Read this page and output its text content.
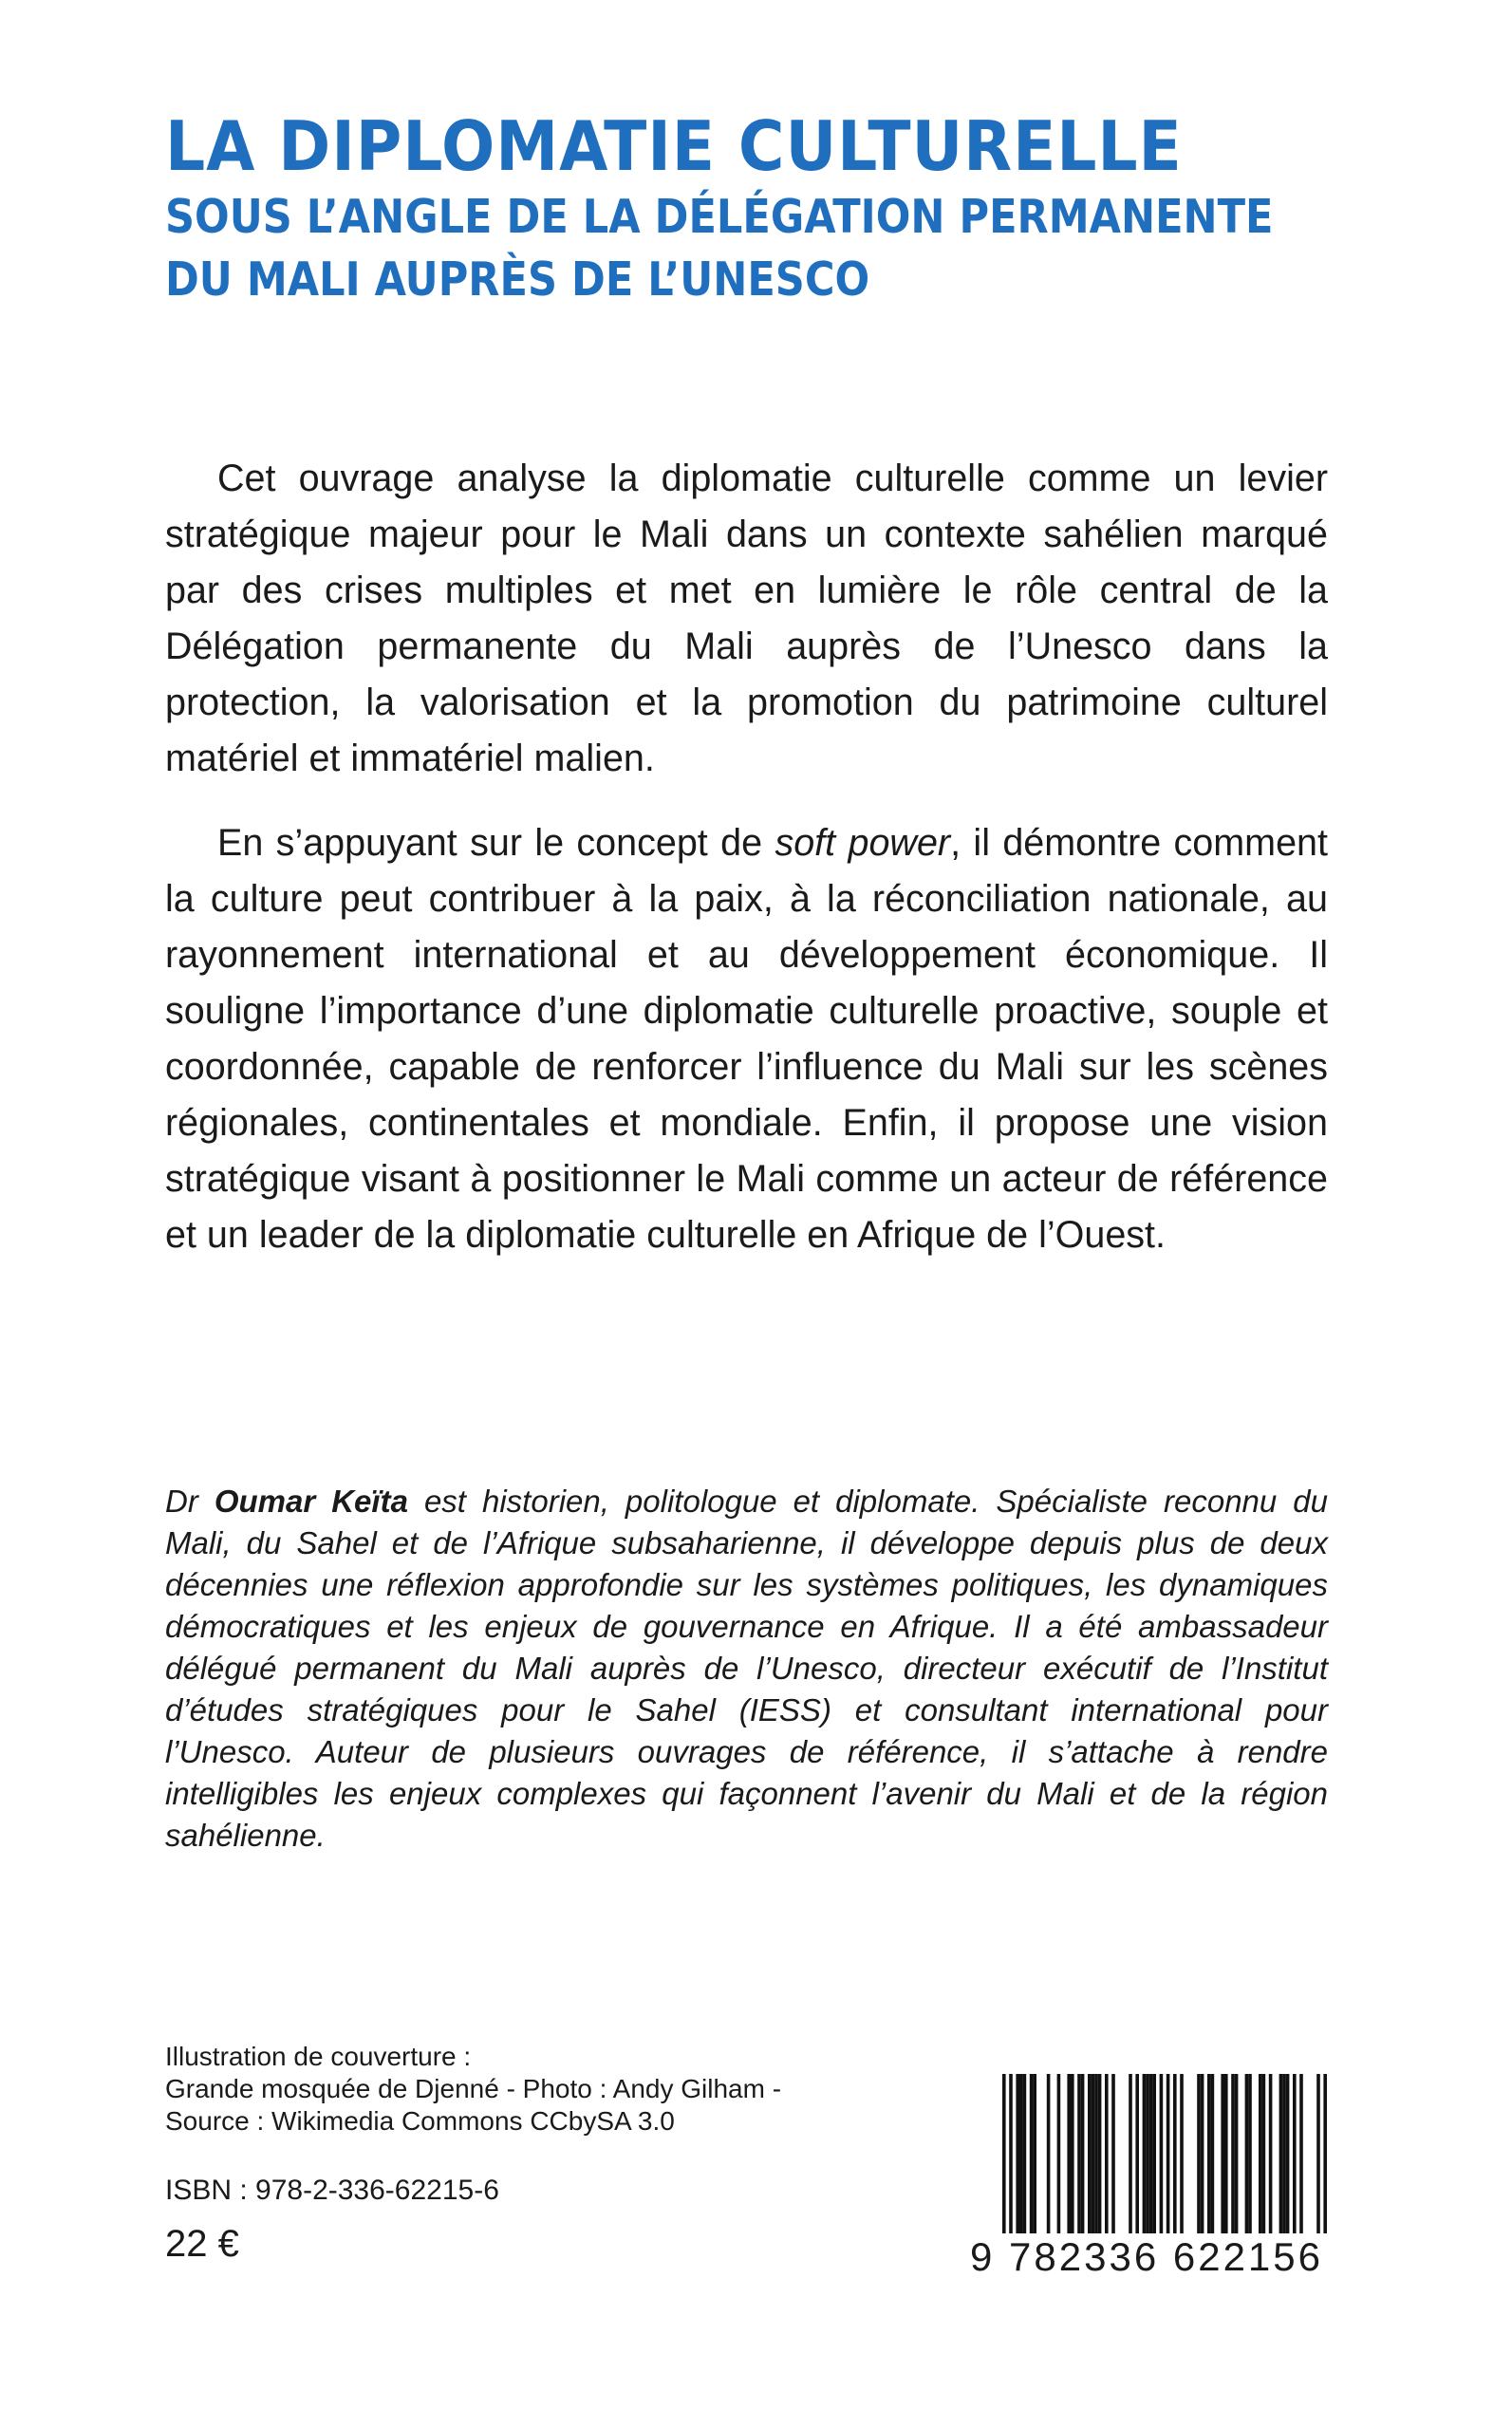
LA DIPLOMATIE CULTURELLE
SOUS L’ANGLE DE LA DÉLÉGATION PERMANENTE
DU MALI AUPRÈS DE L’UNESCO

Cet ouvrage analyse la diplomatie culturelle comme un levier stratégique majeur pour le Mali dans un contexte sahélien marqué par des crises multiples et met en lumière le rôle central de la Délégation permanente du Mali auprès de l’Unesco dans la protection, la valorisation et la promotion du patrimoine culturel matériel et immatériel malien.

En s’appuyant sur le concept de soft power, il démontre comment la culture peut contribuer à la paix, à la réconciliation nationale, au rayonnement international et au développement économique. Il souligne l’importance d’une diplomatie culturelle proactive, souple et coordonnée, capable de renforcer l’influence du Mali sur les scènes régionales, continentales et mondiale. Enfin, il propose une vision stratégique visant à positionner le Mali comme un acteur de référence et un leader de la diplomatie culturelle en Afrique de l’Ouest.

Dr Oumar Keïta est historien, politologue et diplomate. Spécialiste reconnu du Mali, du Sahel et de l’Afrique subsaharienne, il développe depuis plus de deux décennies une réflexion approfondie sur les systèmes politiques, les dynamiques démocratiques et les enjeux de gouvernance en Afrique. Il a été ambassadeur délégué permanent du Mali auprès de l’Unesco, directeur exécutif de l’Institut d’études stratégiques pour le Sahel (IESS) et consultant international pour l’Unesco. Auteur de plusieurs ouvrages de référence, il s’attache à rendre intelligibles les enjeux complexes qui façonnent l’avenir du Mali et de la région sahélienne.
Illustration de couverture :
Grande mosquée de Djenné - Photo : Andy Gilham -
Source : Wikimedia Commons CCbySA 3.0
ISBN : 978-2-336-62215-6
22 €	9 782336 622156
